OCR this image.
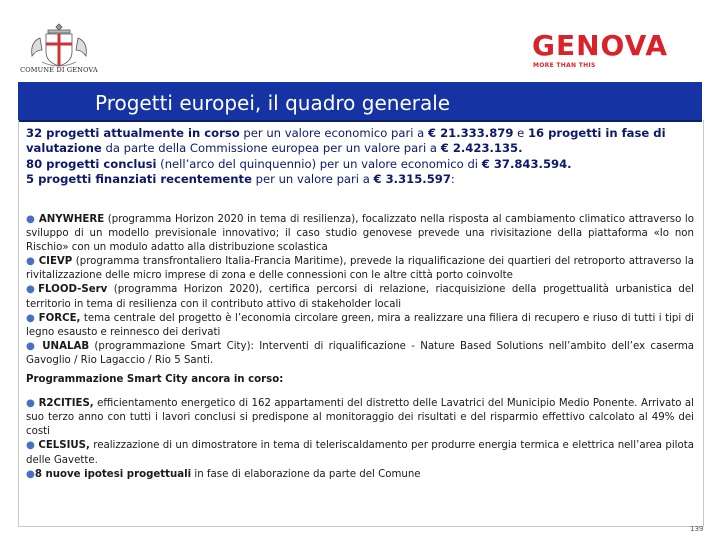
COMUNE DI GENOVA
GENOVA
MORE THAN THIS
Progetti europei, il quadro generale

32 progetti attualmente in corso per un valore economico pari a € 21.333.879 e 16 progetti in fase di

valutazione da parte della Commissione europea per un valore pari a € 2.423.135.

80 progetti conclusi (nell’arco del quinquennio) per un valore economico di € 37.843.594.

5 progetti finanziati recentemente per un valore pari a € 3.315.597:

● ANYWHERE (programma Horizon 2020 in tema di resilienza), focalizzato nella risposta al cambiamento climatico attraverso lo sviluppo di un modello previsionale innovativo; il caso studio genovese prevede una rivisitazione della piattaforma «Io non Rischio» con un modulo adatto alla distribuzione scolastica

● CIEVP (programma transfrontaliero Italia-Francia Maritime), prevede la riqualificazione dei quartieri del retroporto attraverso la rivitalizzazione delle micro imprese di zona e delle connessioni con le altre città porto coinvolte

●FLOOD-Serv (programma Horizon 2020), certifica percorsi di relazione, riacquisizione della progettualità urbanistica del territorio in tema di resilienza con il contributo attivo di stakeholder locali

● FORCE, tema centrale del progetto è l’economia circolare green, mira a realizzare una filiera di recupero e riuso di tutti i tipi di legno esausto e reinnesco dei derivati

● UNALAB (programmazione Smart City): Interventi di riqualificazione - Nature Based Solutions nell’ambito dell’ex caserma Gavoglio / Rio Lagaccio / Rio 5 Santi.

Programmazione Smart City ancora in corso:

● R2CITIES, efficientamento energetico di 162 appartamenti del distretto delle Lavatrici del Municipio Medio Ponente. Arrivato al suo terzo anno con tutti i lavori conclusi si predispone al monitoraggio dei risultati e del risparmio effettivo calcolato al 49% dei costi

● CELSIUS, realizzazione di un dimostratore in tema di teleriscaldamento per produrre energia termica e elettrica nell’area pilota delle Gavette.

●8 nuove ipotesi progettuali in fase di elaborazione da parte del Comune

139
